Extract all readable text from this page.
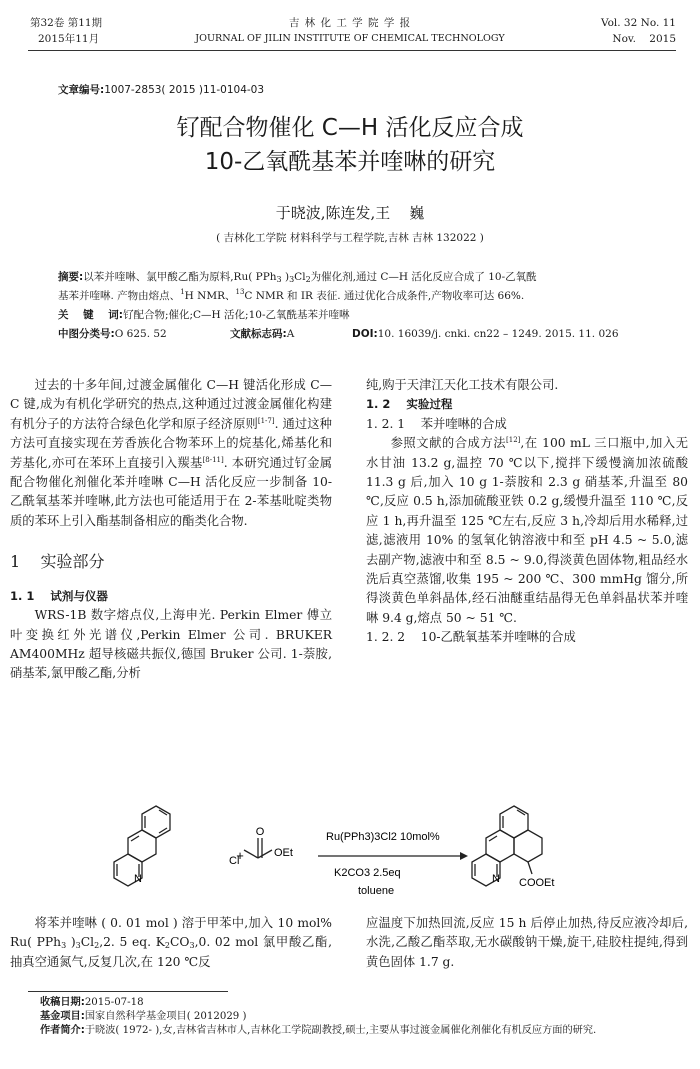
第32卷 第11期
2015年11月
吉 林 化 工 学 院 学 报
JOURNAL OF JILIN INSTITUTE OF CHEMICAL TECHNOLOGY
Vol. 32 No. 11
Nov.    2015
文章编号:1007-2853( 2015 )11-0104-03
钌配合物催化 C—H 活化反应合成
10-乙氧酰基苯并喹啉的研究
于晓波,陈连发,王    巍
( 吉林化工学院 材料科学与工程学院,吉林 吉林 132022 )
摘要:以苯并喹啉、氯甲酸乙酯为原料,Ru( PPh$_3$ )$_3Cl_2$为催化剂,通过 C—H 活化反应合成了 10-乙氧酰
基苯并喹啉. 产物由熔点、$^1$H NMR、$^{13}$C NMR 和 IR 表征. 通过优化合成条件,产物收率可达 66%.
关    键    词:钌配合物;催化;C—H 活化;10-乙氧酰基苯并喹啉
中图分类号:O 625. 52	文献标志码:A	DOI:10. 16039/j. cnki. cn22 – 1249. 2015. 11. 026

过去的十多年间,过渡金属催化 C—H 键活化形成 C—C 键,成为有机化学研究的热点,这种通过过渡金属催化构建有机分子的方法符合绿色化学和原子经济原则[1-7]. 通过这种方法可直接实现在芳香族化合物苯环上的烷基化,烯基化和芳基化,亦可在苯环上直接引入羰基[8-11]. 本研究通过钌金属配合物催化剂催化苯并喹啉 C—H 活化反应一步制备 10-乙酰氧基苯并喹啉,此方法也可能适用于在 2-苯基吡啶类物质的苯环上引入酯基制备相应的酯类化合物.

1    实验部分
1. 1    试剂与仪器

WRS-1B 数字熔点仪,上海申光. Perkin Elmer 傅立叶变换红外光谱仪,Perkin Elmer 公司. BRUKER AM400MHz 超导核磁共振仪,德国 Bruker 公司. 1-萘胺,硝基苯,氯甲酸乙酯,分析

纯,购于天津江天化工技术有限公司.

1. 2    实验过程
1. 2. 1    苯并喹啉的合成

参照文献的合成方法[12],在 100 mL 三口瓶中,加入无水甘油 13.2 g,温控 70 ℃以下,搅拌下缓慢滴加浓硫酸 11.3 g 后,加入 10 g 1-萘胺和 2.3 g 硝基苯,升温至 80 ℃,反应 0.5 h,添加硫酸亚铁 0.2 g,缓慢升温至 110 ℃,反应 1 h,再升温至 125 ℃左右,反应 3 h,冷却后用水稀释,过滤,滤液用 10% 的氢氧化钠溶液中和至 pH 4.5 ~ 5.0,滤去副产物,滤液中和至 8.5 ~ 9.0,得淡黄色固体物,粗品经水洗后真空蒸馏,收集 195 ~ 200 ℃、300 mmHg 馏分,所得淡黄色单斜晶体,经石油醚重结晶得无色单斜晶状苯并喹啉 9.4 g,熔点 50 ~ 51 ℃.

1. 2. 2    10-乙酰氧基苯并喹啉的合成
+
Cl
O
OEt
N	N COOEt
Ru(PPh3)3Cl2 10mol%
K2CO3 2.5eq
toluene

将苯并喹啉 ( 0. 01 mol ) 溶于甲苯中,加入 10 mol% Ru( PPh$_3$ )$_3Cl_2,2$. 5 eq. $K_2CO_3,0$. 02 mol 氯甲酸乙酯,抽真空通氮气,反复几次,在 120 ℃反

应温度下加热回流,反应 15 h 后停止加热,待反应液冷却后,水洗,乙酸乙酯萃取,无水碳酸钠干燥,旋干,硅胶柱提纯,得到黄色固体 1.7 g.
收稿日期:2015-07-18
基金项目:国家自然科学基金项目( 2012029 )
作者简介:于晓波( 1972- ),女,吉林省吉林市人,吉林化工学院副教授,硕士,主要从事过渡金属催化剂催化有机反应方面的研究.
